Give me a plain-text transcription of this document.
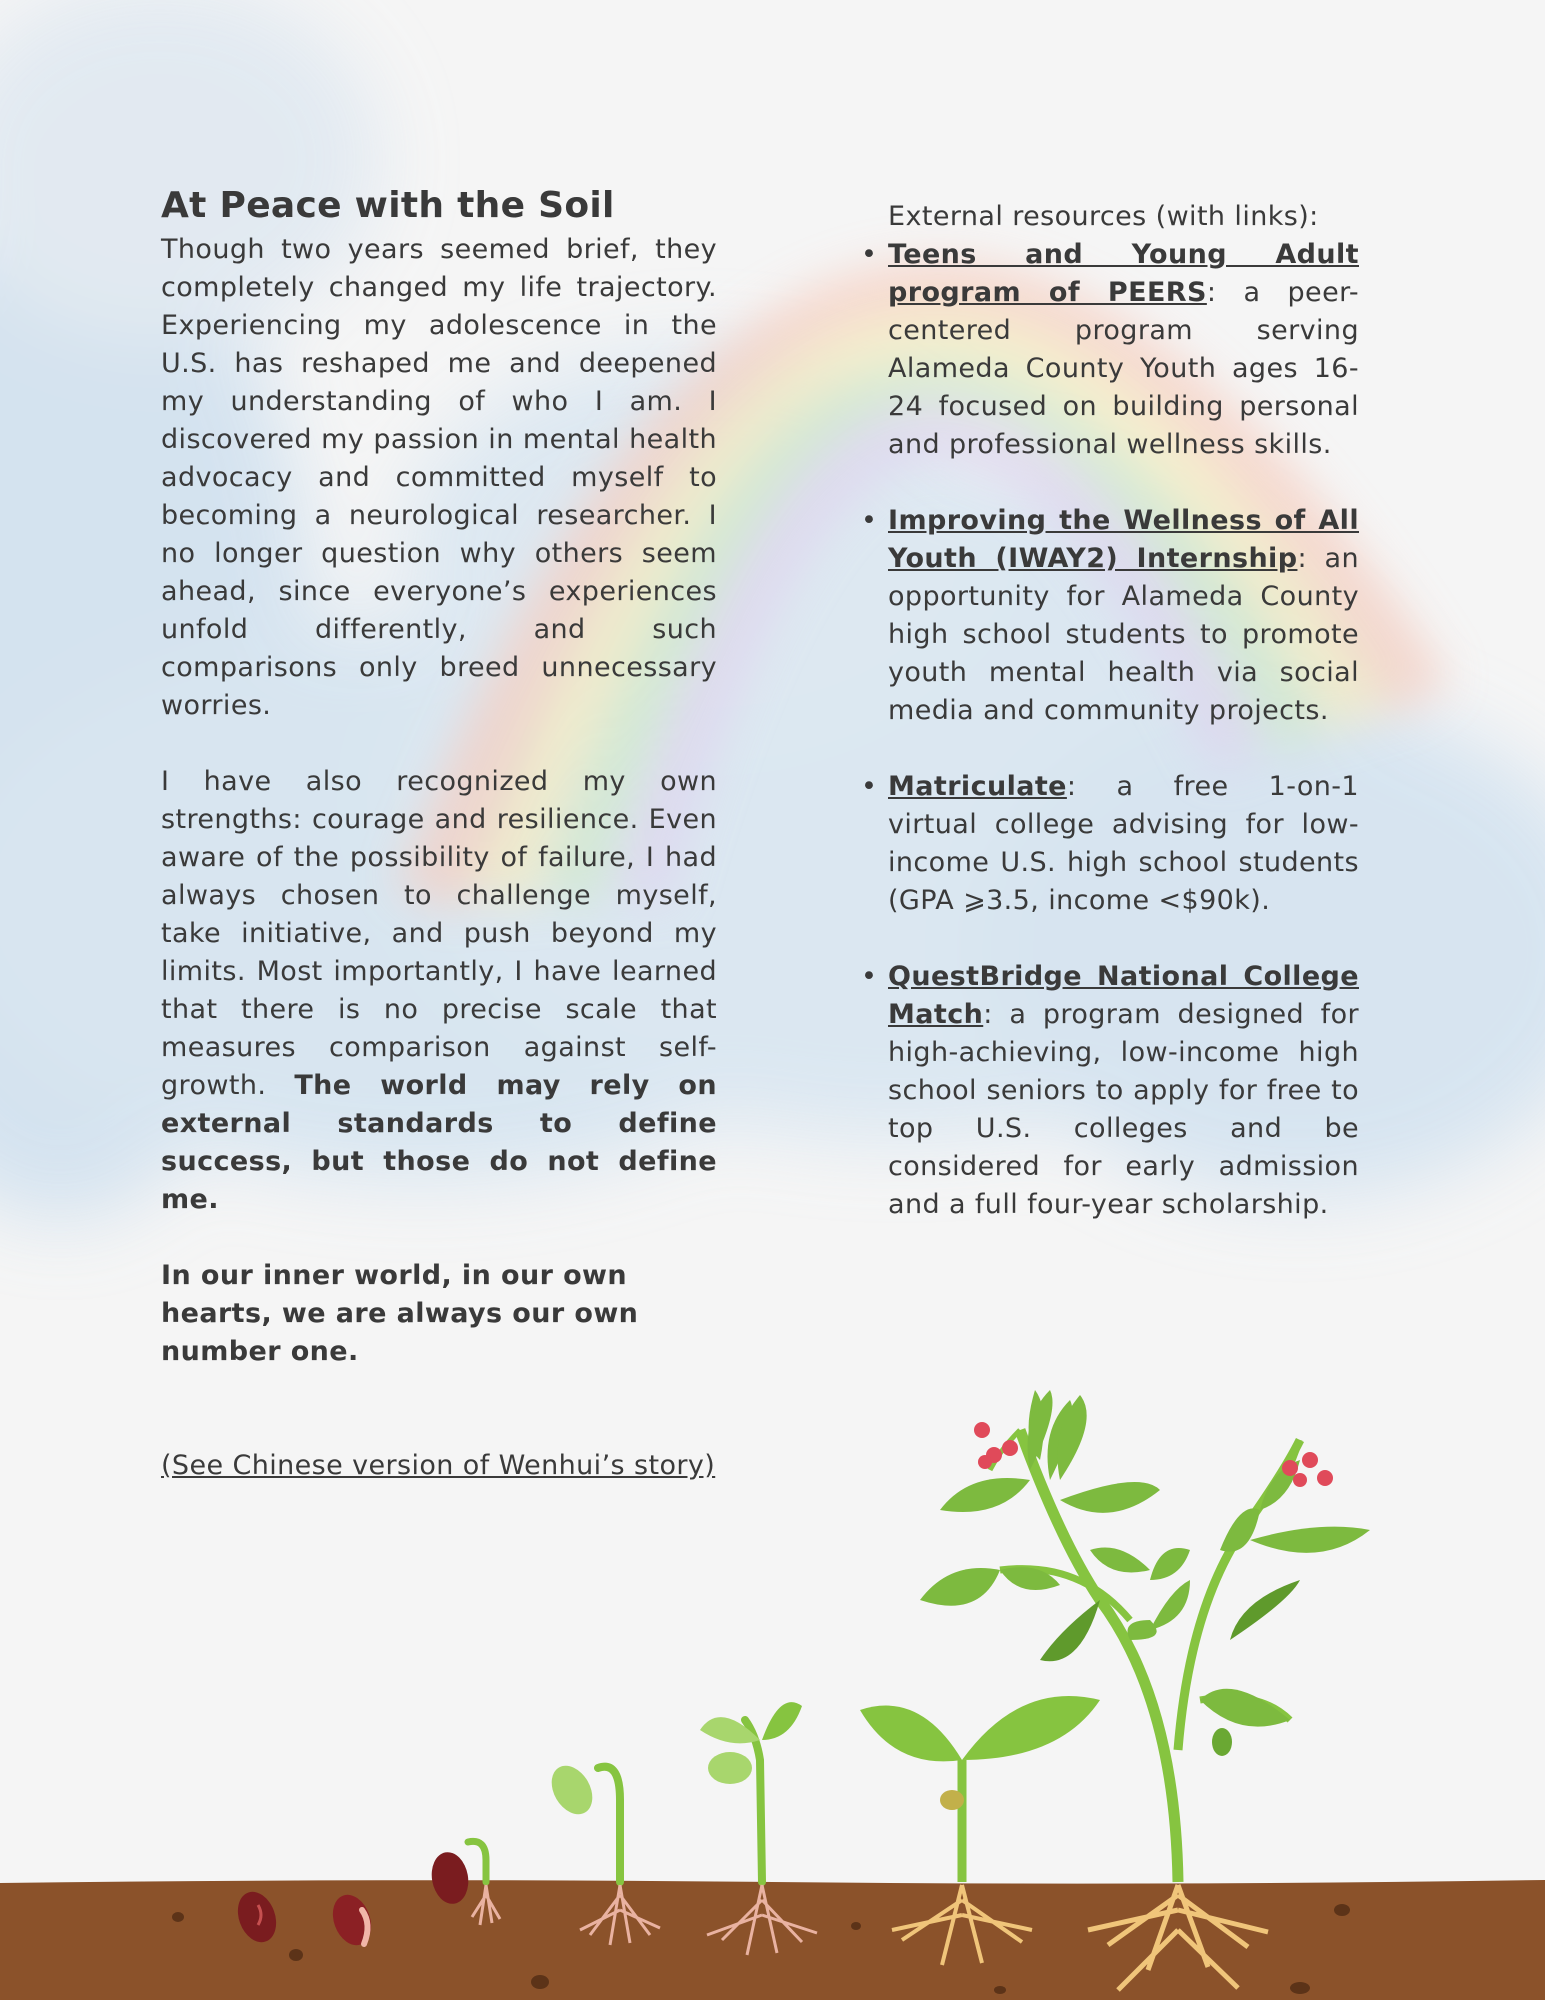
At Peace with the Soil

Though two years seemed brief, they completely changed my life trajectory. Experiencing my adolescence in the U.S. has reshaped me and deepened my understanding of who I am. I discovered my passion in mental health advocacy and committed myself to becoming a neurological researcher. I no longer question why others seem ahead, since everyone’s experiences unfold differently, and such comparisons only breed unnecessary worries.

I have also recognized my own strengths: courage and resilience. Even aware of the possibility of failure, I had always chosen to challenge myself, take initiative, and push beyond my limits. Most importantly, I have learned that there is no precise scale that measures comparison against self-growth. The world may rely on external standards to define success, but those do not define me.

In our inner world, in our own hearts, we are always our own number one.

(See Chinese version of Wenhui’s story)

External resources (with links):
• Teens and Young Adult program of PEERS: a peer-centered program serving Alameda County Youth ages 16-24 focused on building personal and professional wellness skills.
• Improving the Wellness of All Youth (IWAY2) Internship: an opportunity for Alameda County high school students to promote youth mental health via social media and community projects.
• Matriculate: a free 1-on-1 virtual college advising for low-income U.S. high school students (GPA ⩾3.5, income <$90k).
• QuestBridge National College Match: a program designed for high-achieving, low-income high school seniors to apply for free to top U.S. colleges and be considered for early admission and a full four-year scholarship.
